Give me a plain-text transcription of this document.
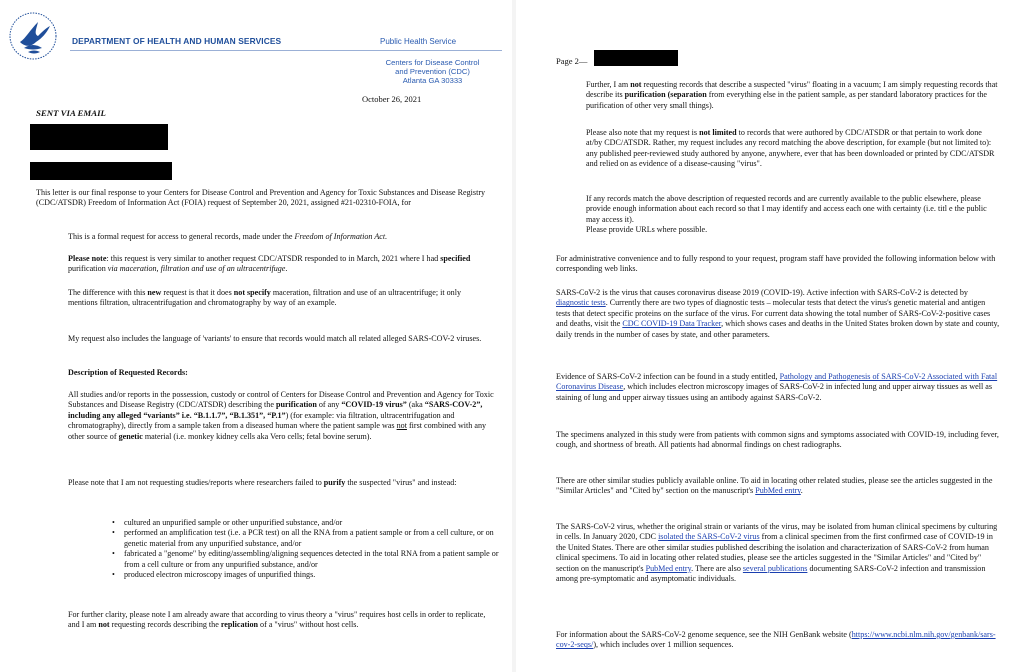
DEPARTMENT OF HEALTH AND HUMAN SERVICES	Public Health Service
Centers for Disease Control
and Prevention (CDC)
Atlanta GA 30333
October 26, 2021
SENT VIA EMAIL

This letter is our final response to your Centers for Disease Control and Prevention and Agency for Toxic Substances and Disease Registry (CDC/ATSDR) Freedom of Information Act (FOIA) request of September 20, 2021, assigned #21-02310-FOIA, for

This is a formal request for access to general records, made under the Freedom of Information Act.

Please note: this request is very similar to another request CDC/ATSDR responded to in March, 2021 where I had specified purification via maceration, filtration and use of an ultracentrifuge.

The difference with this new request is that it does not specify maceration, filtration and use of an ultracentrifuge; it only mentions filtration, ultracentrifugation and chromatography by way of an example.

My request also includes the language of 'variants' to ensure that records would match all related alleged SARS-COV-2 viruses.

Description of Requested Records:

All studies and/or reports in the possession, custody or control of Centers for Disease Control and Prevention and Agency for Toxic Substances and Disease Registry (CDC/ATSDR) describing the purification of any “COVID-19 virus” (aka “SARS-COV-2”, including any alleged “variants” i.e. “B.1.1.7”, “B.1.351”, “P.1”) (for example: via filtration, ultracentrifugation and chromatography), directly from a sample taken from a diseased human where the patient sample was not first combined with any other source of genetic material (i.e. monkey kidney cells aka Vero cells; fetal bovine serum).

Please note that I am not requesting studies/reports where researchers failed to purify the suspected "virus" and instead:

• cultured an unpurified sample or other unpurified substance, and/or
• performed an amplification test (i.e. a PCR test) on all the RNA from a patient sample or from a cell culture, or on genetic material from any unpurified substance, and/or
• fabricated a "genome" by editing/assembling/aligning sequences detected in the total RNA from a patient sample or from a cell culture or from any unpurified substance, and/or
• produced electron microscopy images of unpurified things.

For further clarity, please note I am already aware that according to virus theory a "virus" requires host cells in order to replicate, and I am not requesting records describing the replication of a "virus" without host cells.

Page 2—

Further, I am not requesting records that describe a suspected "virus" floating in a vacuum; I am simply requesting records that describe its purification (separation from everything else in the patient sample, as per standard laboratory practices for the purification of other very small things).

Please also note that my request is not limited to records that were authored by CDC/ATSDR or that pertain to work done at/by CDC/ATSDR. Rather, my request includes any record matching the above description, for example (but not limited to): any published peer-reviewed study authored by anyone, anywhere, ever that has been downloaded or printed by CDC/ATSDR and relied on as evidence of a disease-causing "virus".

If any records match the above description of requested records and are currently available to the public elsewhere, please provide enough information about each record so that I may identify and access each one with certainty (i.e. titl e the public may access it).
Please provide URLs where possible.

For administrative convenience and to fully respond to your request, program staff have provided the following information below with corresponding web links.

SARS-CoV-2 is the virus that causes coronavirus disease 2019 (COVID-19). Active infection with SARS-CoV-2 is detected by diagnostic tests. Currently there are two types of diagnostic tests – molecular tests that detect the virus's genetic material and antigen tests that detect specific proteins on the surface of the virus. For current data showing the total number of SARS-CoV-2-positive cases and deaths, visit the CDC COVID-19 Data Tracker, which shows cases and deaths in the United States broken down by state and county, daily trends in the number of cases by state, and other parameters.

Evidence of SARS-CoV-2 infection can be found in a study entitled, Pathology and Pathogenesis of SARS-CoV-2 Associated with Fatal Coronavirus Disease, which includes electron microscopy images of SARS-CoV-2 in infected lung and upper airway tissues as well as staining of lung and upper airway tissues using an antibody against SARS-CoV-2.

The specimens analyzed in this study were from patients with common signs and symptoms associated with COVID-19, including fever, cough, and shortness of breath. All patients had abnormal findings on chest radiographs.

There are other similar studies publicly available online. To aid in locating other related studies, please see the articles suggested in the "Similar Articles" and "Cited by" section on the manuscript's PubMed entry.

The SARS-CoV-2 virus, whether the original strain or variants of the virus, may be isolated from human clinical specimens by culturing in cells. In January 2020, CDC isolated the SARS-CoV-2 virus from a clinical specimen from the first confirmed case of COVID-19 in the United States. There are other similar studies published describing the isolation and characterization of SARS-CoV-2 from human clinical specimens. To aid in locating other related studies, please see the articles suggested in the "Similar Articles" and "Cited by" section on the manuscript's PubMed entry. There are also several publications documenting SARS-CoV-2 infection and transmission among pre-symptomatic and asymptomatic individuals.

For information about the SARS-CoV-2 genome sequence, see the NIH GenBank website (https://www.ncbi.nlm.nih.gov/genbank/sars-cov-2-seqs/), which includes over 1 million sequences.
